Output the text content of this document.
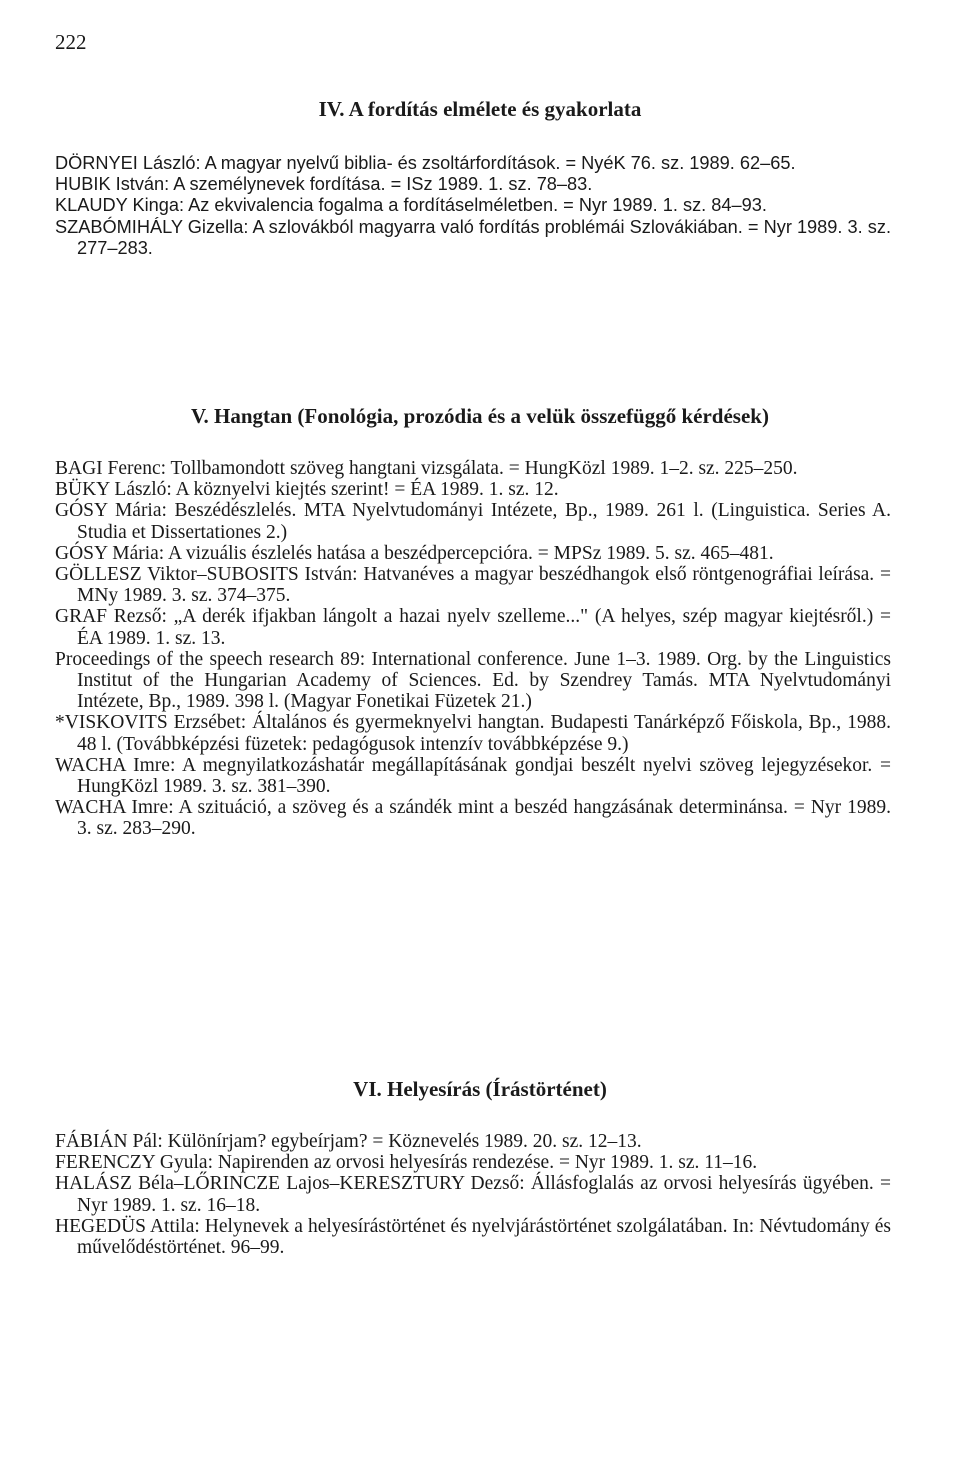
222
IV. A fordítás elmélete és gyakorlata

DÖRNYEI László: A magyar nyelvű biblia- és zsoltárfordítások. = NyéK 76. sz. 1989. 62–65.

HUBIK István: A személynevek fordítása. = ISz 1989. 1. sz. 78–83.

KLAUDY Kinga: Az ekvivalencia fogalma a fordításelméletben. = Nyr 1989. 1. sz. 84–93.

SZABÓMIHÁLY Gizella: A szlovákból magyarra való fordítás problémái Szlovákiában. = Nyr 1989. 3. sz. 277–283.

V. Hangtan (Fonológia, prozódia és a velük összefüggő kérdések)

BAGI Ferenc: Tollbamondott szöveg hangtani vizsgálata. = HungKözl 1989. 1–2. sz. 225–250.

BÜKY László: A köznyelvi kiejtés szerint! = ÉA 1989. 1. sz. 12.

GÓSY Mária: Beszédészlelés. MTA Nyelvtudományi Intézete, Bp., 1989. 261 l. (Linguistica. Series A. Studia et Dissertationes 2.)

GÓSY Mária: A vizuális észlelés hatása a beszédpercepcióra. = MPSz 1989. 5. sz. 465–481.

GÖLLESZ Viktor–SUBOSITS István: Hatvanéves a magyar beszédhangok első röntgenográfiai leírása. = MNy 1989. 3. sz. 374–375.

GRAF Rezső: „A derék ifjakban lángolt a hazai nyelv szelleme..." (A helyes, szép magyar kiejtésről.) = ÉA 1989. 1. sz. 13.

Proceedings of the speech research 89: International conference. June 1–3. 1989. Org. by the Linguistics Institut of the Hungarian Academy of Sciences. Ed. by Szendrey Tamás. MTA Nyelvtudományi Intézete, Bp., 1989. 398 l. (Magyar Fonetikai Füzetek 21.)

*VISKOVITS Erzsébet: Általános és gyermeknyelvi hangtan. Budapesti Tanárképző Főiskola, Bp., 1988. 48 l. (Továbbképzési füzetek: pedagógusok intenzív továbbképzése 9.)

WACHA Imre: A megnyilatkozáshatár megállapításának gondjai beszélt nyelvi szöveg lejegyzésekor. = HungKözl 1989. 3. sz. 381–390.

WACHA Imre: A szituáció, a szöveg és a szándék mint a beszéd hangzásának determinánsa. = Nyr 1989. 3. sz. 283–290.

VI. Helyesírás (Írástörténet)

FÁBIÁN Pál: Különírjam? egybeírjam? = Köznevelés 1989. 20. sz. 12–13.

FERENCZY Gyula: Napirenden az orvosi helyesírás rendezése. = Nyr 1989. 1. sz. 11–16.

HALÁSZ Béla–LŐRINCZE Lajos–KERESZTURY Dezső: Állásfoglalás az orvosi helyesírás ügyében. = Nyr 1989. 1. sz. 16–18.

HEGEDÜS Attila: Helynevek a helyesírástörténet és nyelvjárástörténet szolgálatában. In: Névtudomány és művelődéstörténet. 96–99.
